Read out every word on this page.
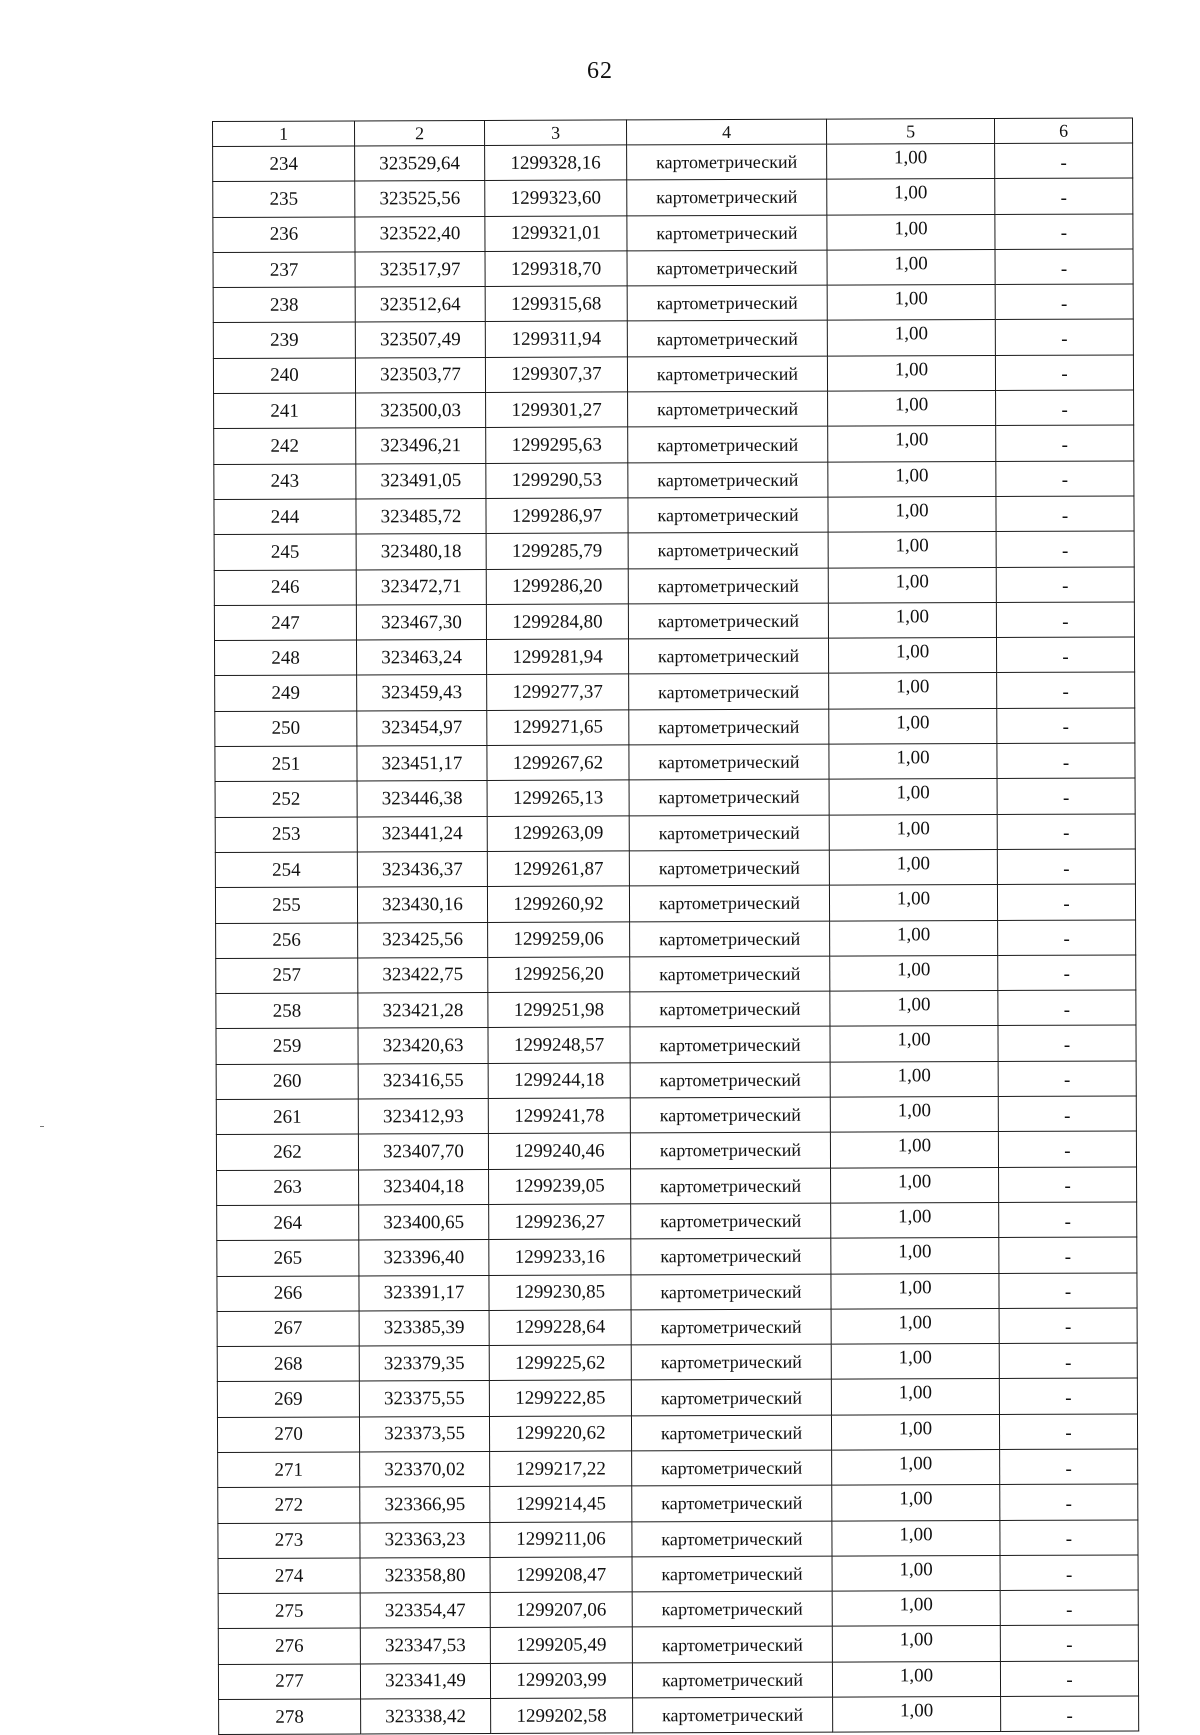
62
1	2	3	4	5	6
234	323529,64	1299328,16	картометрический	1,00	-
235	323525,56	1299323,60	картометрический	1,00	-
236	323522,40	1299321,01	картометрический	1,00	-
237	323517,97	1299318,70	картометрический	1,00	-
238	323512,64	1299315,68	картометрический	1,00	-
239	323507,49	1299311,94	картометрический	1,00	-
240	323503,77	1299307,37	картометрический	1,00	-
241	323500,03	1299301,27	картометрический	1,00	-
242	323496,21	1299295,63	картометрический	1,00	-
243	323491,05	1299290,53	картометрический	1,00	-
244	323485,72	1299286,97	картометрический	1,00	-
245	323480,18	1299285,79	картометрический	1,00	-
246	323472,71	1299286,20	картометрический	1,00	-
247	323467,30	1299284,80	картометрический	1,00	-
248	323463,24	1299281,94	картометрический	1,00	-
249	323459,43	1299277,37	картометрический	1,00	-
250	323454,97	1299271,65	картометрический	1,00	-
251	323451,17	1299267,62	картометрический	1,00	-
252	323446,38	1299265,13	картометрический	1,00	-
253	323441,24	1299263,09	картометрический	1,00	-
254	323436,37	1299261,87	картометрический	1,00	-
255	323430,16	1299260,92	картометрический	1,00	-
256	323425,56	1299259,06	картометрический	1,00	-
257	323422,75	1299256,20	картометрический	1,00	-
258	323421,28	1299251,98	картометрический	1,00	-
259	323420,63	1299248,57	картометрический	1,00	-
260	323416,55	1299244,18	картометрический	1,00	-
261	323412,93	1299241,78	картометрический	1,00	-
262	323407,70	1299240,46	картометрический	1,00	-
263	323404,18	1299239,05	картометрический	1,00	-
264	323400,65	1299236,27	картометрический	1,00	-
265	323396,40	1299233,16	картометрический	1,00	-
266	323391,17	1299230,85	картометрический	1,00	-
267	323385,39	1299228,64	картометрический	1,00	-
268	323379,35	1299225,62	картометрический	1,00	-
269	323375,55	1299222,85	картометрический	1,00	-
270	323373,55	1299220,62	картометрический	1,00	-
271	323370,02	1299217,22	картометрический	1,00	-
272	323366,95	1299214,45	картометрический	1,00	-
273	323363,23	1299211,06	картометрический	1,00	-
274	323358,80	1299208,47	картометрический	1,00	-
275	323354,47	1299207,06	картометрический	1,00	-
276	323347,53	1299205,49	картометрический	1,00	-
277	323341,49	1299203,99	картометрический	1,00	-
278	323338,42	1299202,58	картометрический	1,00	-
